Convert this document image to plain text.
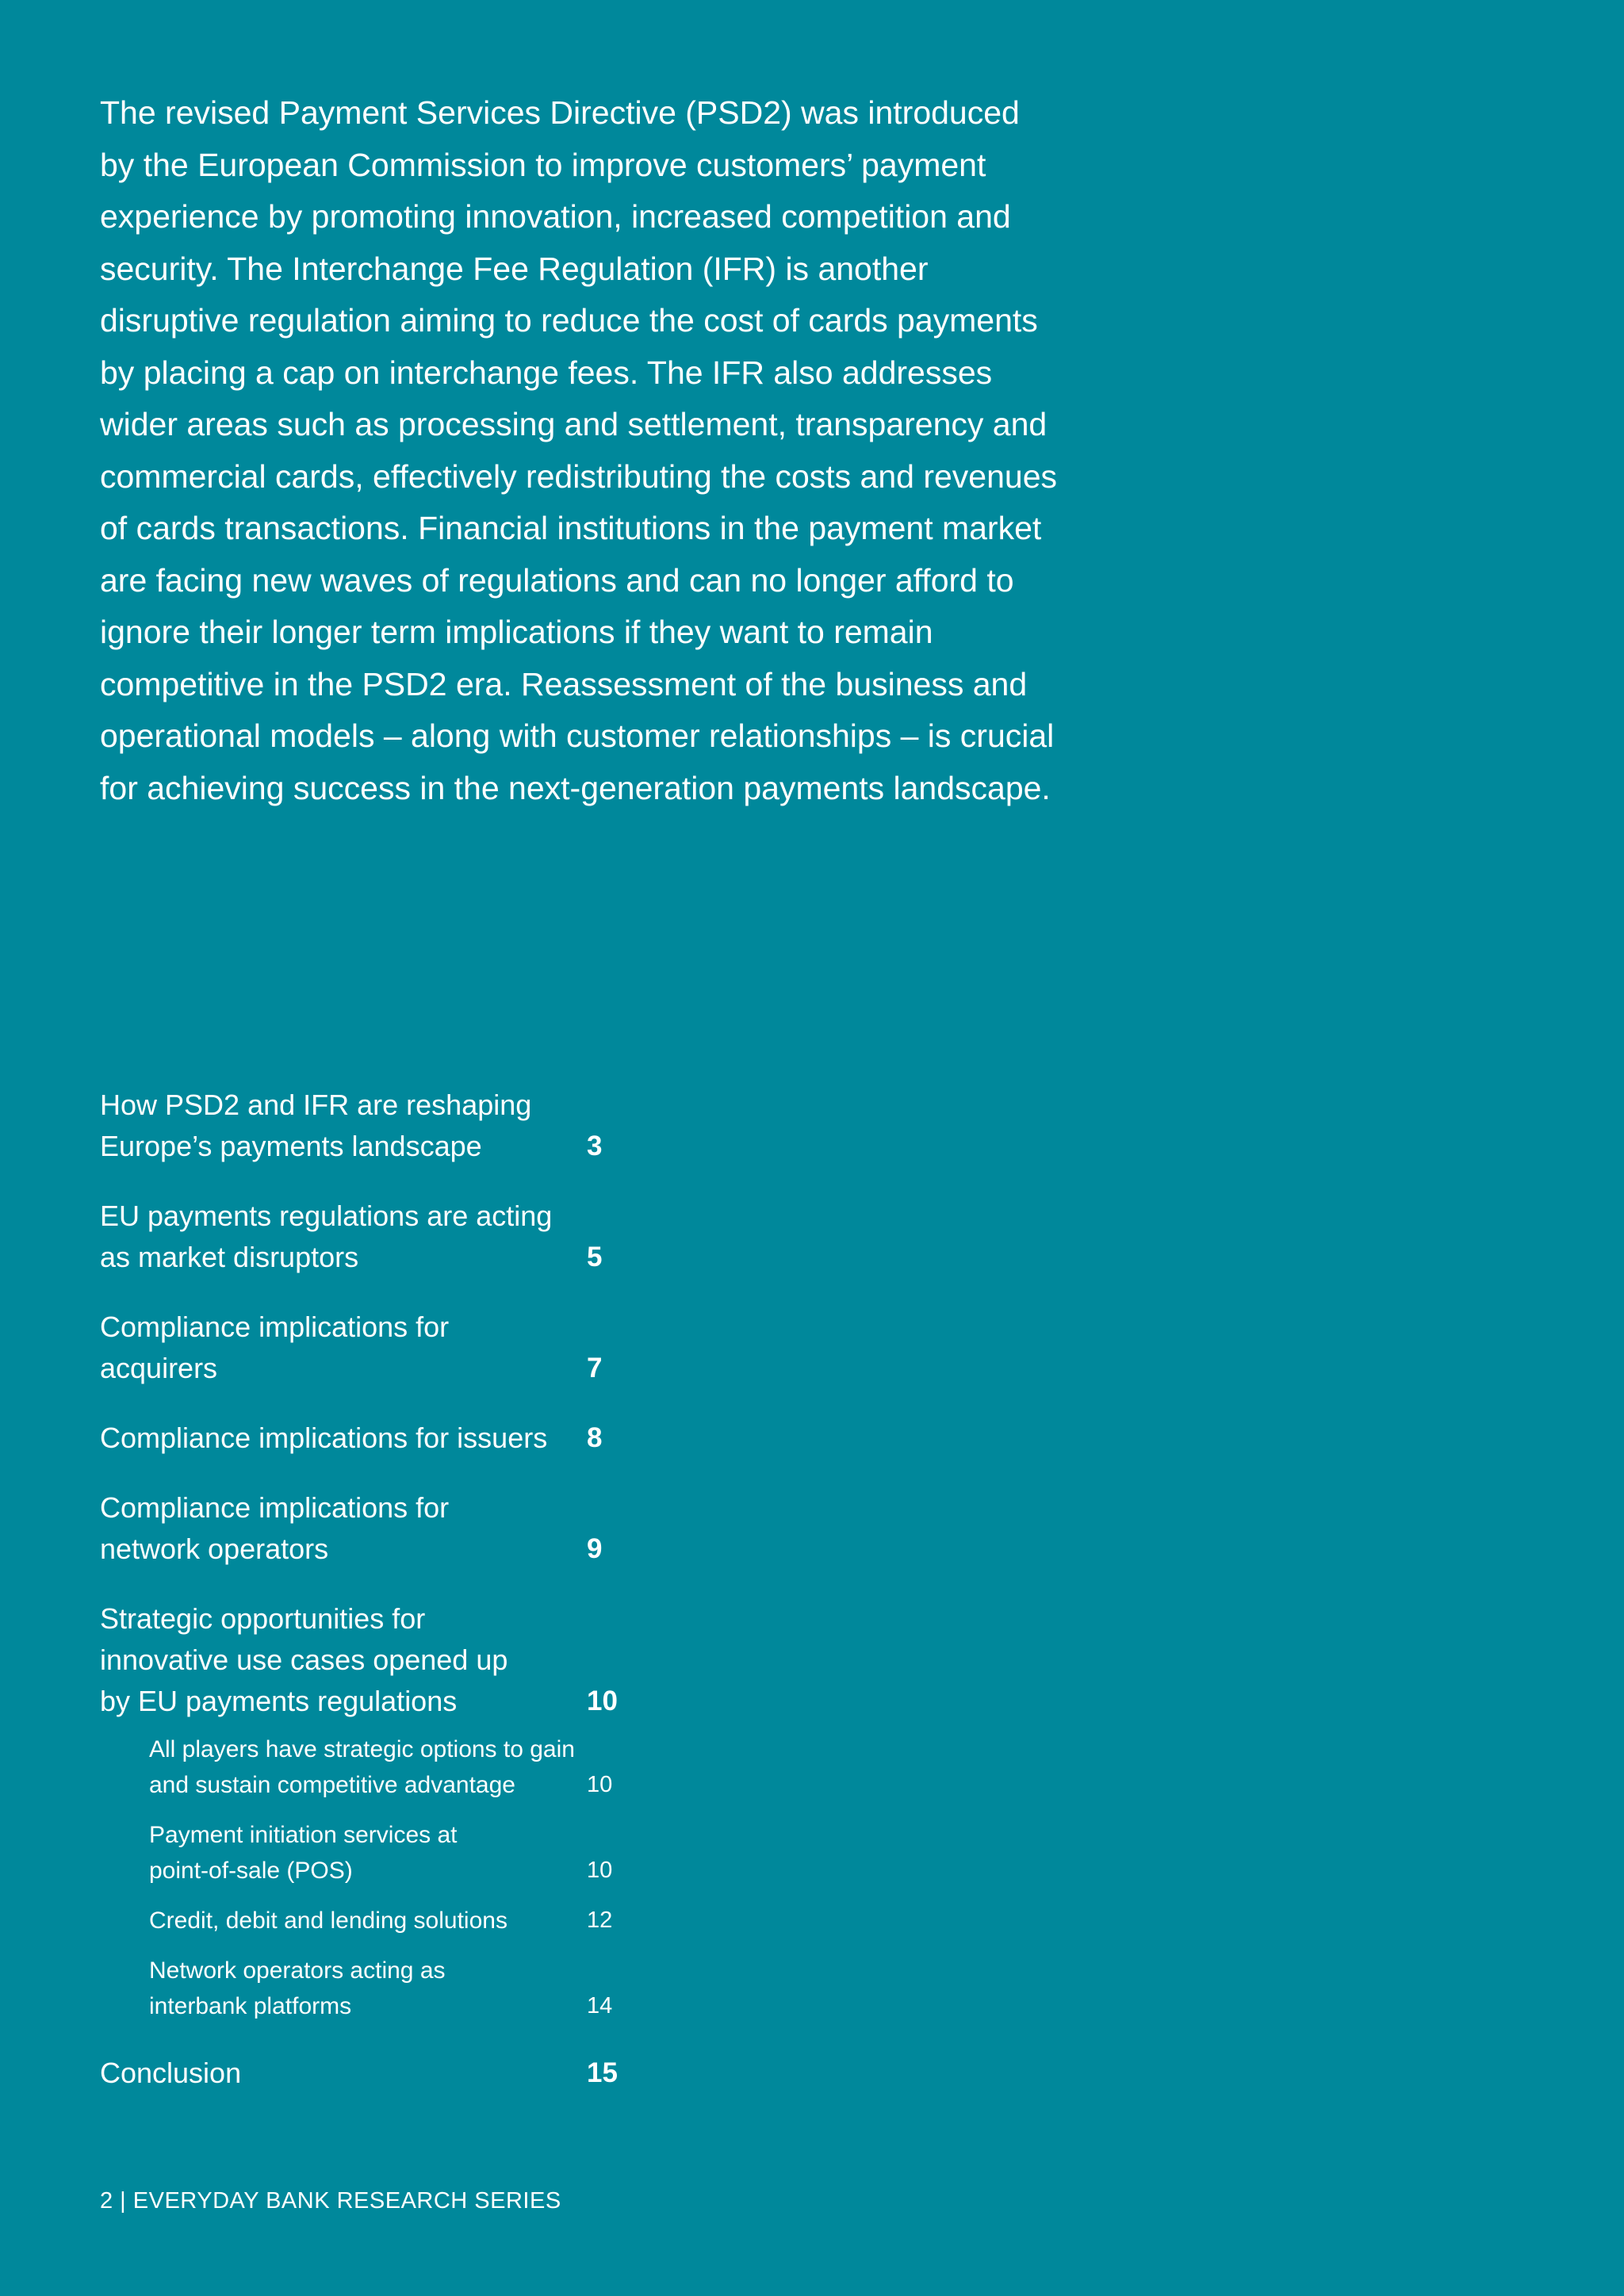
The revised Payment Services Directive (PSD2) was introduced by the European Commission to improve customers’ payment experience by promoting innovation, increased competition and security. The Interchange Fee Regulation (IFR) is another disruptive regulation aiming to reduce the cost of cards payments by placing a cap on interchange fees. The IFR also addresses wider areas such as processing and settlement, transparency and commercial cards, effectively redistributing the costs and revenues of cards transactions. Financial institutions in the payment market are facing new waves of regulations and can no longer afford to ignore their longer term implications if they want to remain competitive in the PSD2 era. Reassessment of the business and operational models – along with customer relationships – is crucial for achieving success in the next-generation payments landscape.

How PSD2 and IFR are reshaping
Europe’s payments landscape	3
EU payments regulations are acting
as market disruptors	5
Compliance implications for
acquirers	7
Compliance implications for issuers	8
Compliance implications for
network operators	9
Strategic opportunities for
innovative use cases opened up
by EU payments regulations	10
All players have strategic options to gain
and sustain competitive advantage	10
Payment initiation services at
point-of-sale (POS)	10
Credit, debit and lending solutions	12
Network operators acting as
interbank platforms	14
Conclusion	15
2 | EVERYDAY BANK RESEARCH SERIES
